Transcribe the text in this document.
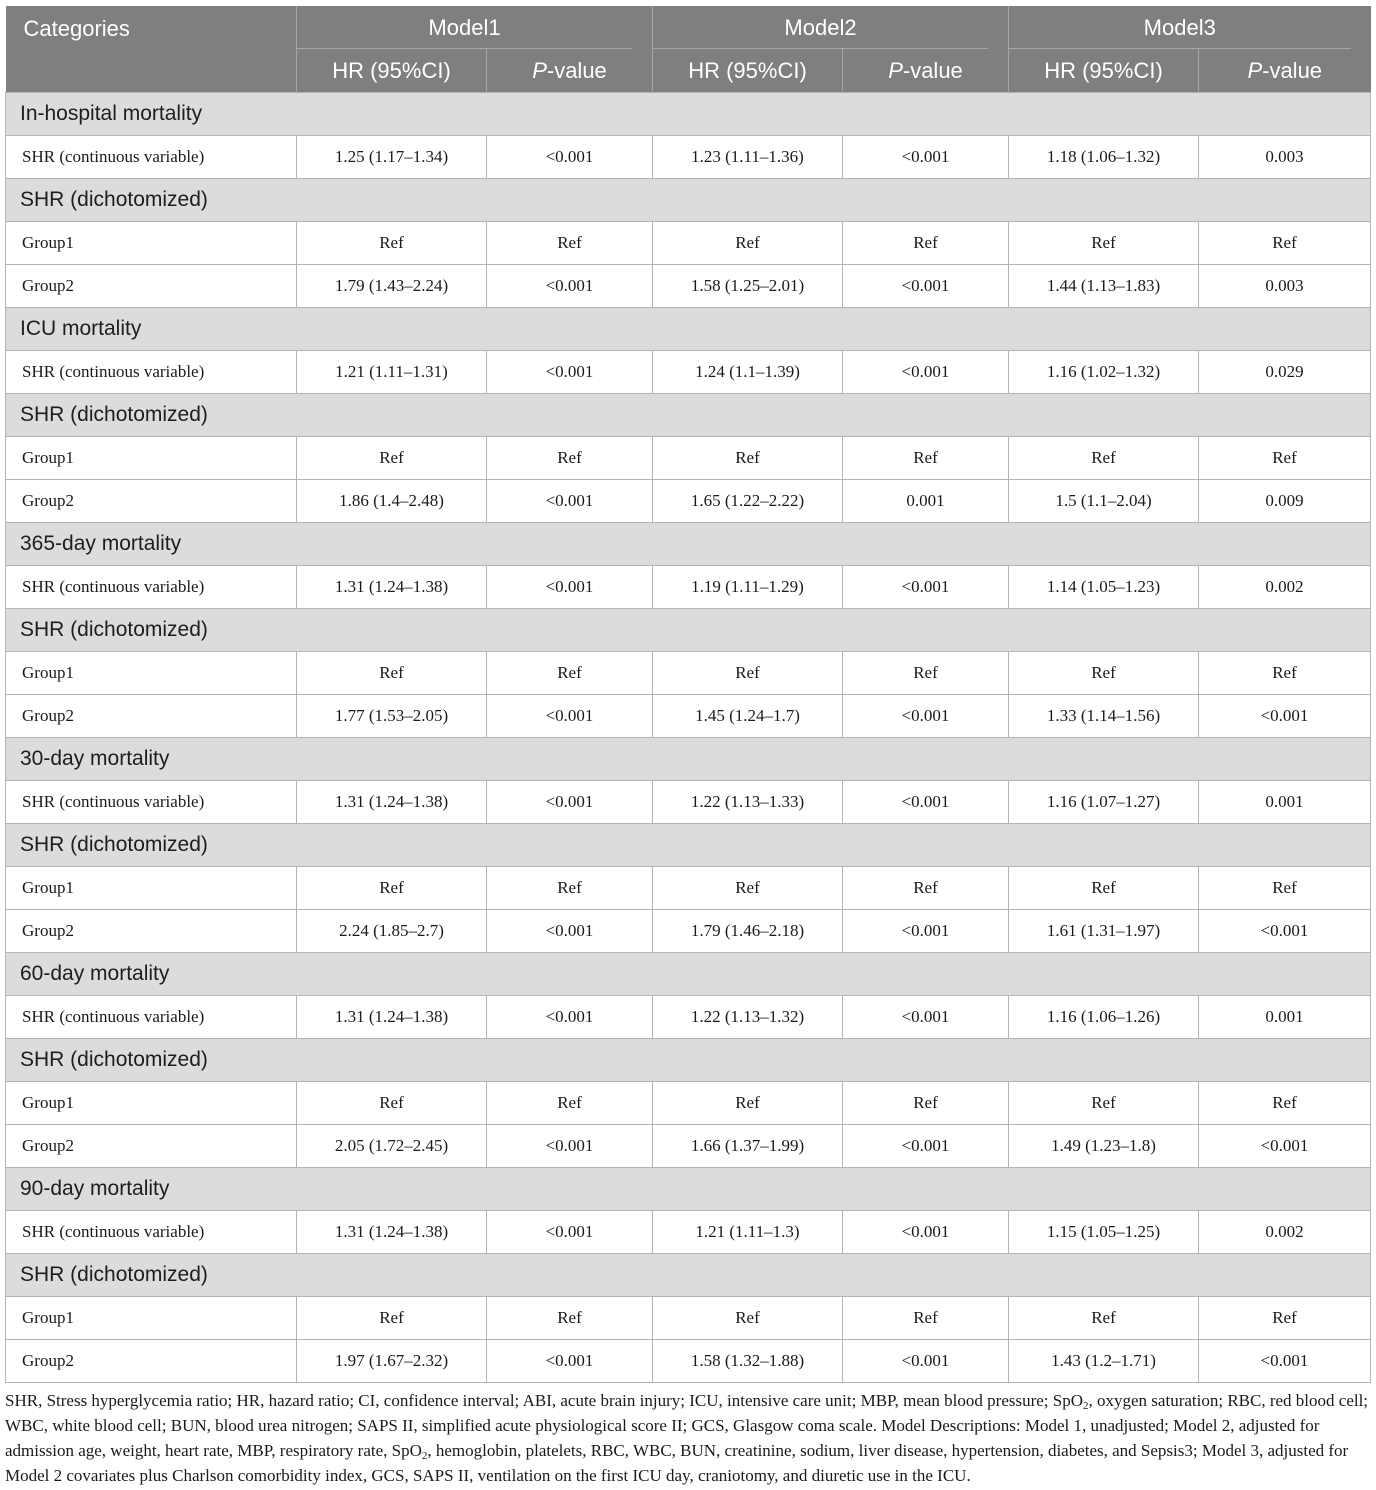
Categories	Model1		Model2		Model3	

	HR (95%CI)	P-value	HR (95%CI)	P-value	HR (95%CI)	P-value
In-hospital mortality						
SHR (continuous variable)	1.25 (1.17–1.34)	<0.001	1.23 (1.11–1.36)	<0.001	1.18 (1.06–1.32)	0.003
SHR (dichotomized)						
Group1	Ref	Ref	Ref	Ref	Ref	Ref
Group2	1.79 (1.43–2.24)	<0.001	1.58 (1.25–2.01)	<0.001	1.44 (1.13–1.83)	0.003
ICU mortality						
SHR (continuous variable)	1.21 (1.11–1.31)	<0.001	1.24 (1.1–1.39)	<0.001	1.16 (1.02–1.32)	0.029
SHR (dichotomized)						
Group1	Ref	Ref	Ref	Ref	Ref	Ref
Group2	1.86 (1.4–2.48)	<0.001	1.65 (1.22–2.22)	0.001	1.5 (1.1–2.04)	0.009
365-day mortality						
SHR (continuous variable)	1.31 (1.24–1.38)	<0.001	1.19 (1.11–1.29)	<0.001	1.14 (1.05–1.23)	0.002
SHR (dichotomized)						
Group1	Ref	Ref	Ref	Ref	Ref	Ref
Group2	1.77 (1.53–2.05)	<0.001	1.45 (1.24–1.7)	<0.001	1.33 (1.14–1.56)	<0.001
30-day mortality						
SHR (continuous variable)	1.31 (1.24–1.38)	<0.001	1.22 (1.13–1.33)	<0.001	1.16 (1.07–1.27)	0.001
SHR (dichotomized)						
Group1	Ref	Ref	Ref	Ref	Ref	Ref
Group2	2.24 (1.85–2.7)	<0.001	1.79 (1.46–2.18)	<0.001	1.61 (1.31–1.97)	<0.001
60-day mortality						
SHR (continuous variable)	1.31 (1.24–1.38)	<0.001	1.22 (1.13–1.32)	<0.001	1.16 (1.06–1.26)	0.001
SHR (dichotomized)						
Group1	Ref	Ref	Ref	Ref	Ref	Ref
Group2	2.05 (1.72–2.45)	<0.001	1.66 (1.37–1.99)	<0.001	1.49 (1.23–1.8)	<0.001
90-day mortality						
SHR (continuous variable)	1.31 (1.24–1.38)	<0.001	1.21 (1.11–1.3)	<0.001	1.15 (1.05–1.25)	0.002
SHR (dichotomized)						
Group1	Ref	Ref	Ref	Ref	Ref	Ref
Group2	1.97 (1.67–2.32)	<0.001	1.58 (1.32–1.88)	<0.001	1.43 (1.2–1.71)	<0.001
SHR, Stress hyperglycemia ratio; HR, hazard ratio; CI, confidence interval; ABI, acute brain injury; ICU, intensive care unit; MBP, mean blood pressure; SpO$_2$, oxygen saturation; RBC, red blood cell; WBC, white blood cell; BUN, blood urea nitrogen; SAPS II, simplified acute physiological score II; GCS, Glasgow coma scale. Model Descriptions: Model 1, unadjusted; Model 2, adjusted for admission age, weight, heart rate, MBP, respiratory rate, SpO$_2$, hemoglobin, platelets, RBC, WBC, BUN, creatinine, sodium, liver disease, hypertension, diabetes, and Sepsis3; Model 3, adjusted for Model 2 covariates plus Charlson comorbidity index, GCS, SAPS II, ventilation on the first ICU day, craniotomy, and diuretic use in the ICU.
